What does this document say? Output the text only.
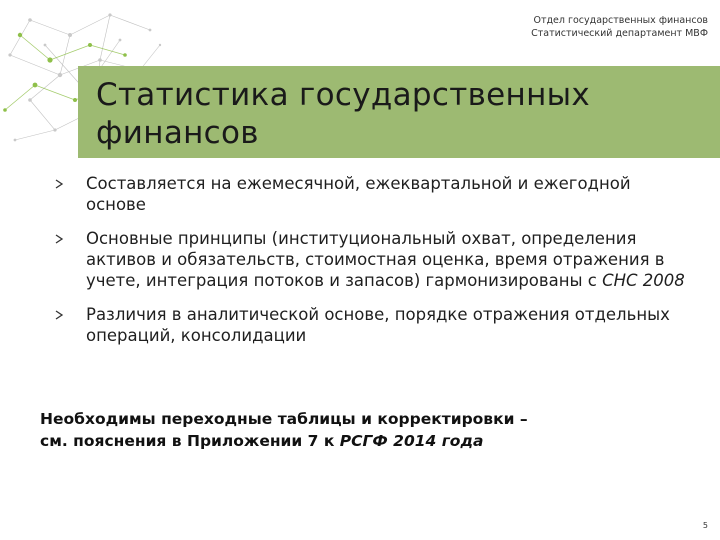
Отдел государственных финансов
Статистический департамент МВФ
Статистика государственных
финансов
Составляется на ежемесячной, ежеквартальной и ежегодной основе
Основные принципы (институциональный охват, определения активов и обязательств, стоимостная оценка, время отражения в учете, интеграция потоков и запасов) гармонизированы с СНС 2008
Различия в аналитической основе, порядке отражения отдельных операций, консолидации
Необходимы переходные таблицы и корректировки –
см. пояснения в Приложении 7 к РСГФ 2014 года
5
